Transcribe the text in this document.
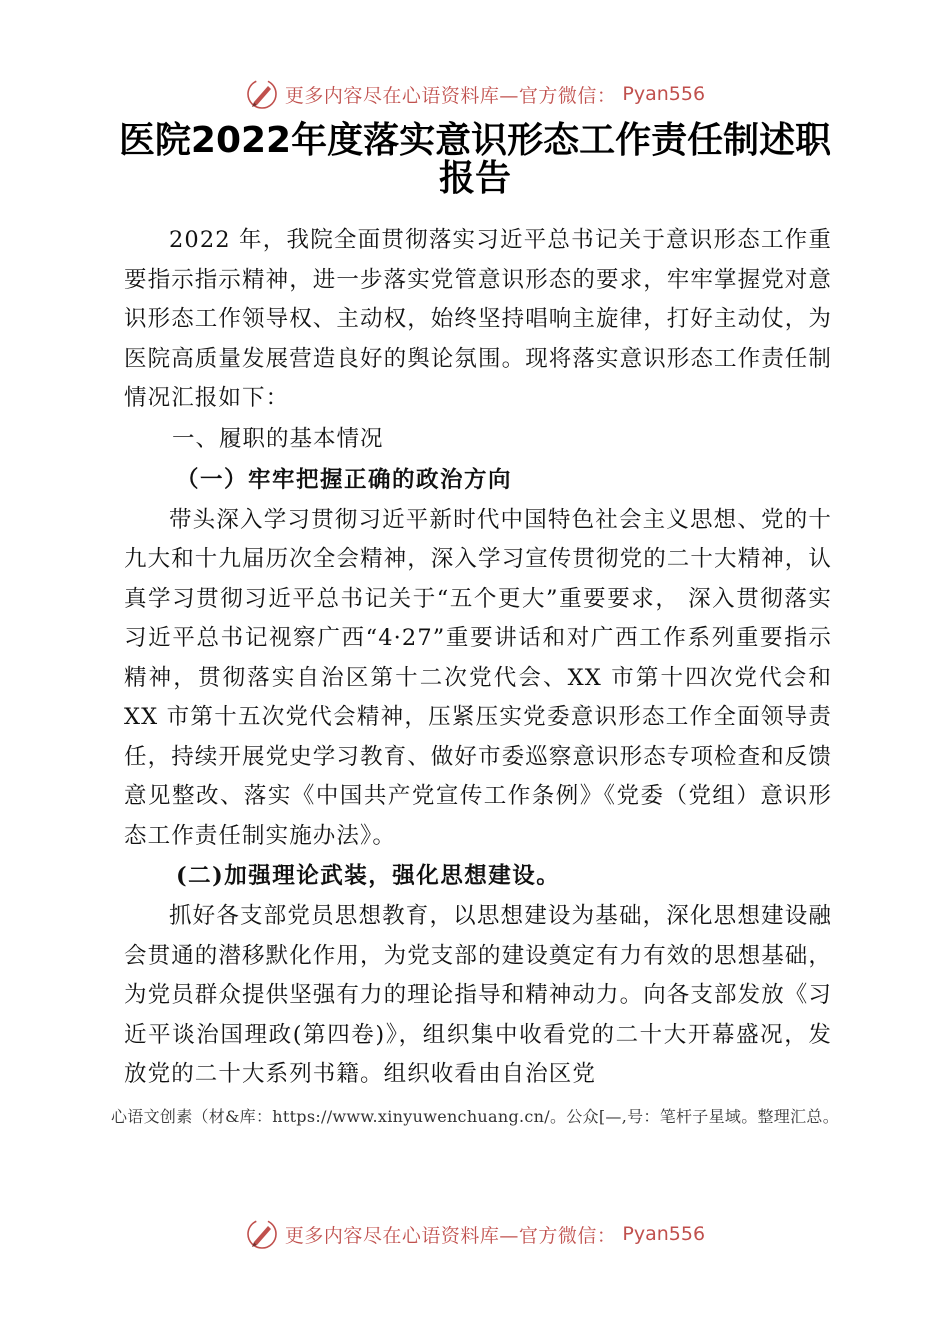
更多内容尽在心语资料库—官方微信： Pyan556
医院2022年度落实意识形态工作责任制述职报告

2022 年，我院全面贯彻落实习近平总书记关于意识形态工作重要指示指示精神，进一步落实党管意识形态的要求，牢牢掌握党对意识形态工作领导权、主动权，始终坚持唱响主旋律，打好主动仗，为医院高质量发展营造良好的舆论氛围。现将落实意识形态工作责任制情况汇报如下：

一、履职的基本情况

（一）牢牢把握正确的政治方向

带头深入学习贯彻习近平新时代中国特色社会主义思想、党的十九大和十九届历次全会精神，深入学习宣传贯彻党的二十大精神，认真学习贯彻习近平总书记关于“五个更大”重要要求， 深入贯彻落实习近平总书记视察广西“4·27”重要讲话和对广西工作系列重要指示精神，贯彻落实自治区第十二次党代会、XX 市第十四次党代会和 XX 市第十五次党代会精神，压紧压实党委意识形态工作全面领导责任，持续开展党史学习教育、做好市委巡察意识形态专项检查和反馈意见整改、落实《中国共产党宣传工作条例》《党委（党组）意识形态工作责任制实施办法》。

(二)加强理论武装，强化思想建设。

抓好各支部党员思想教育，以思想建设为基础，深化思想建设融会贯通的潜移默化作用，为党支部的建设奠定有力有效的思想基础，为党员群众提供坚强有力的理论指导和精神动力。向各支部发放《习近平谈治国理政(第四卷)》，组织集中收看党的二十大开幕盛况，发放党的二十大系列书籍。组织收看由自治区党

心语文创素（材&库：https://www.xinyuwenchuang.cn/。公众[—,号：笔杆子星域。整理汇总。
更多内容尽在心语资料库—官方微信： Pyan556
